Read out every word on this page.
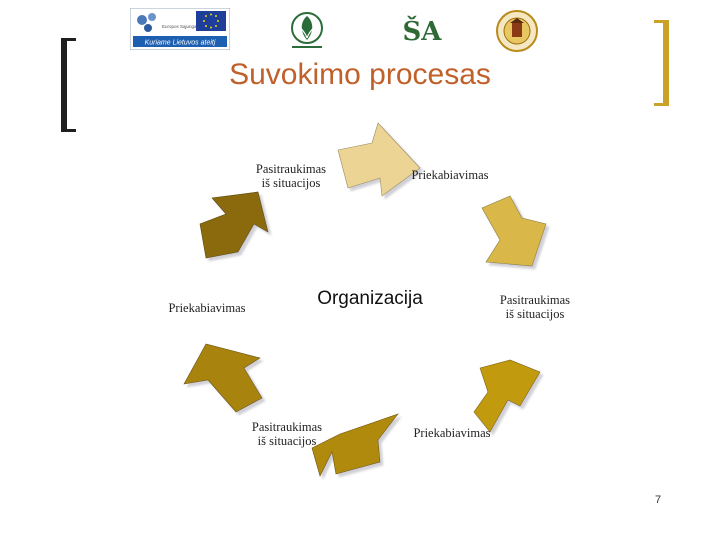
Kuriame Lietuvos ateitį
Europos Sąjunga	ŠA
Suvokimo procesas
Pasitraukimas
iš situacijos
Priekabiavimas
Pasitraukimas
iš situacijos
Priekabiavimas
Pasitraukimas
iš situacijos
Priekabiavimas	Organizacija
7
